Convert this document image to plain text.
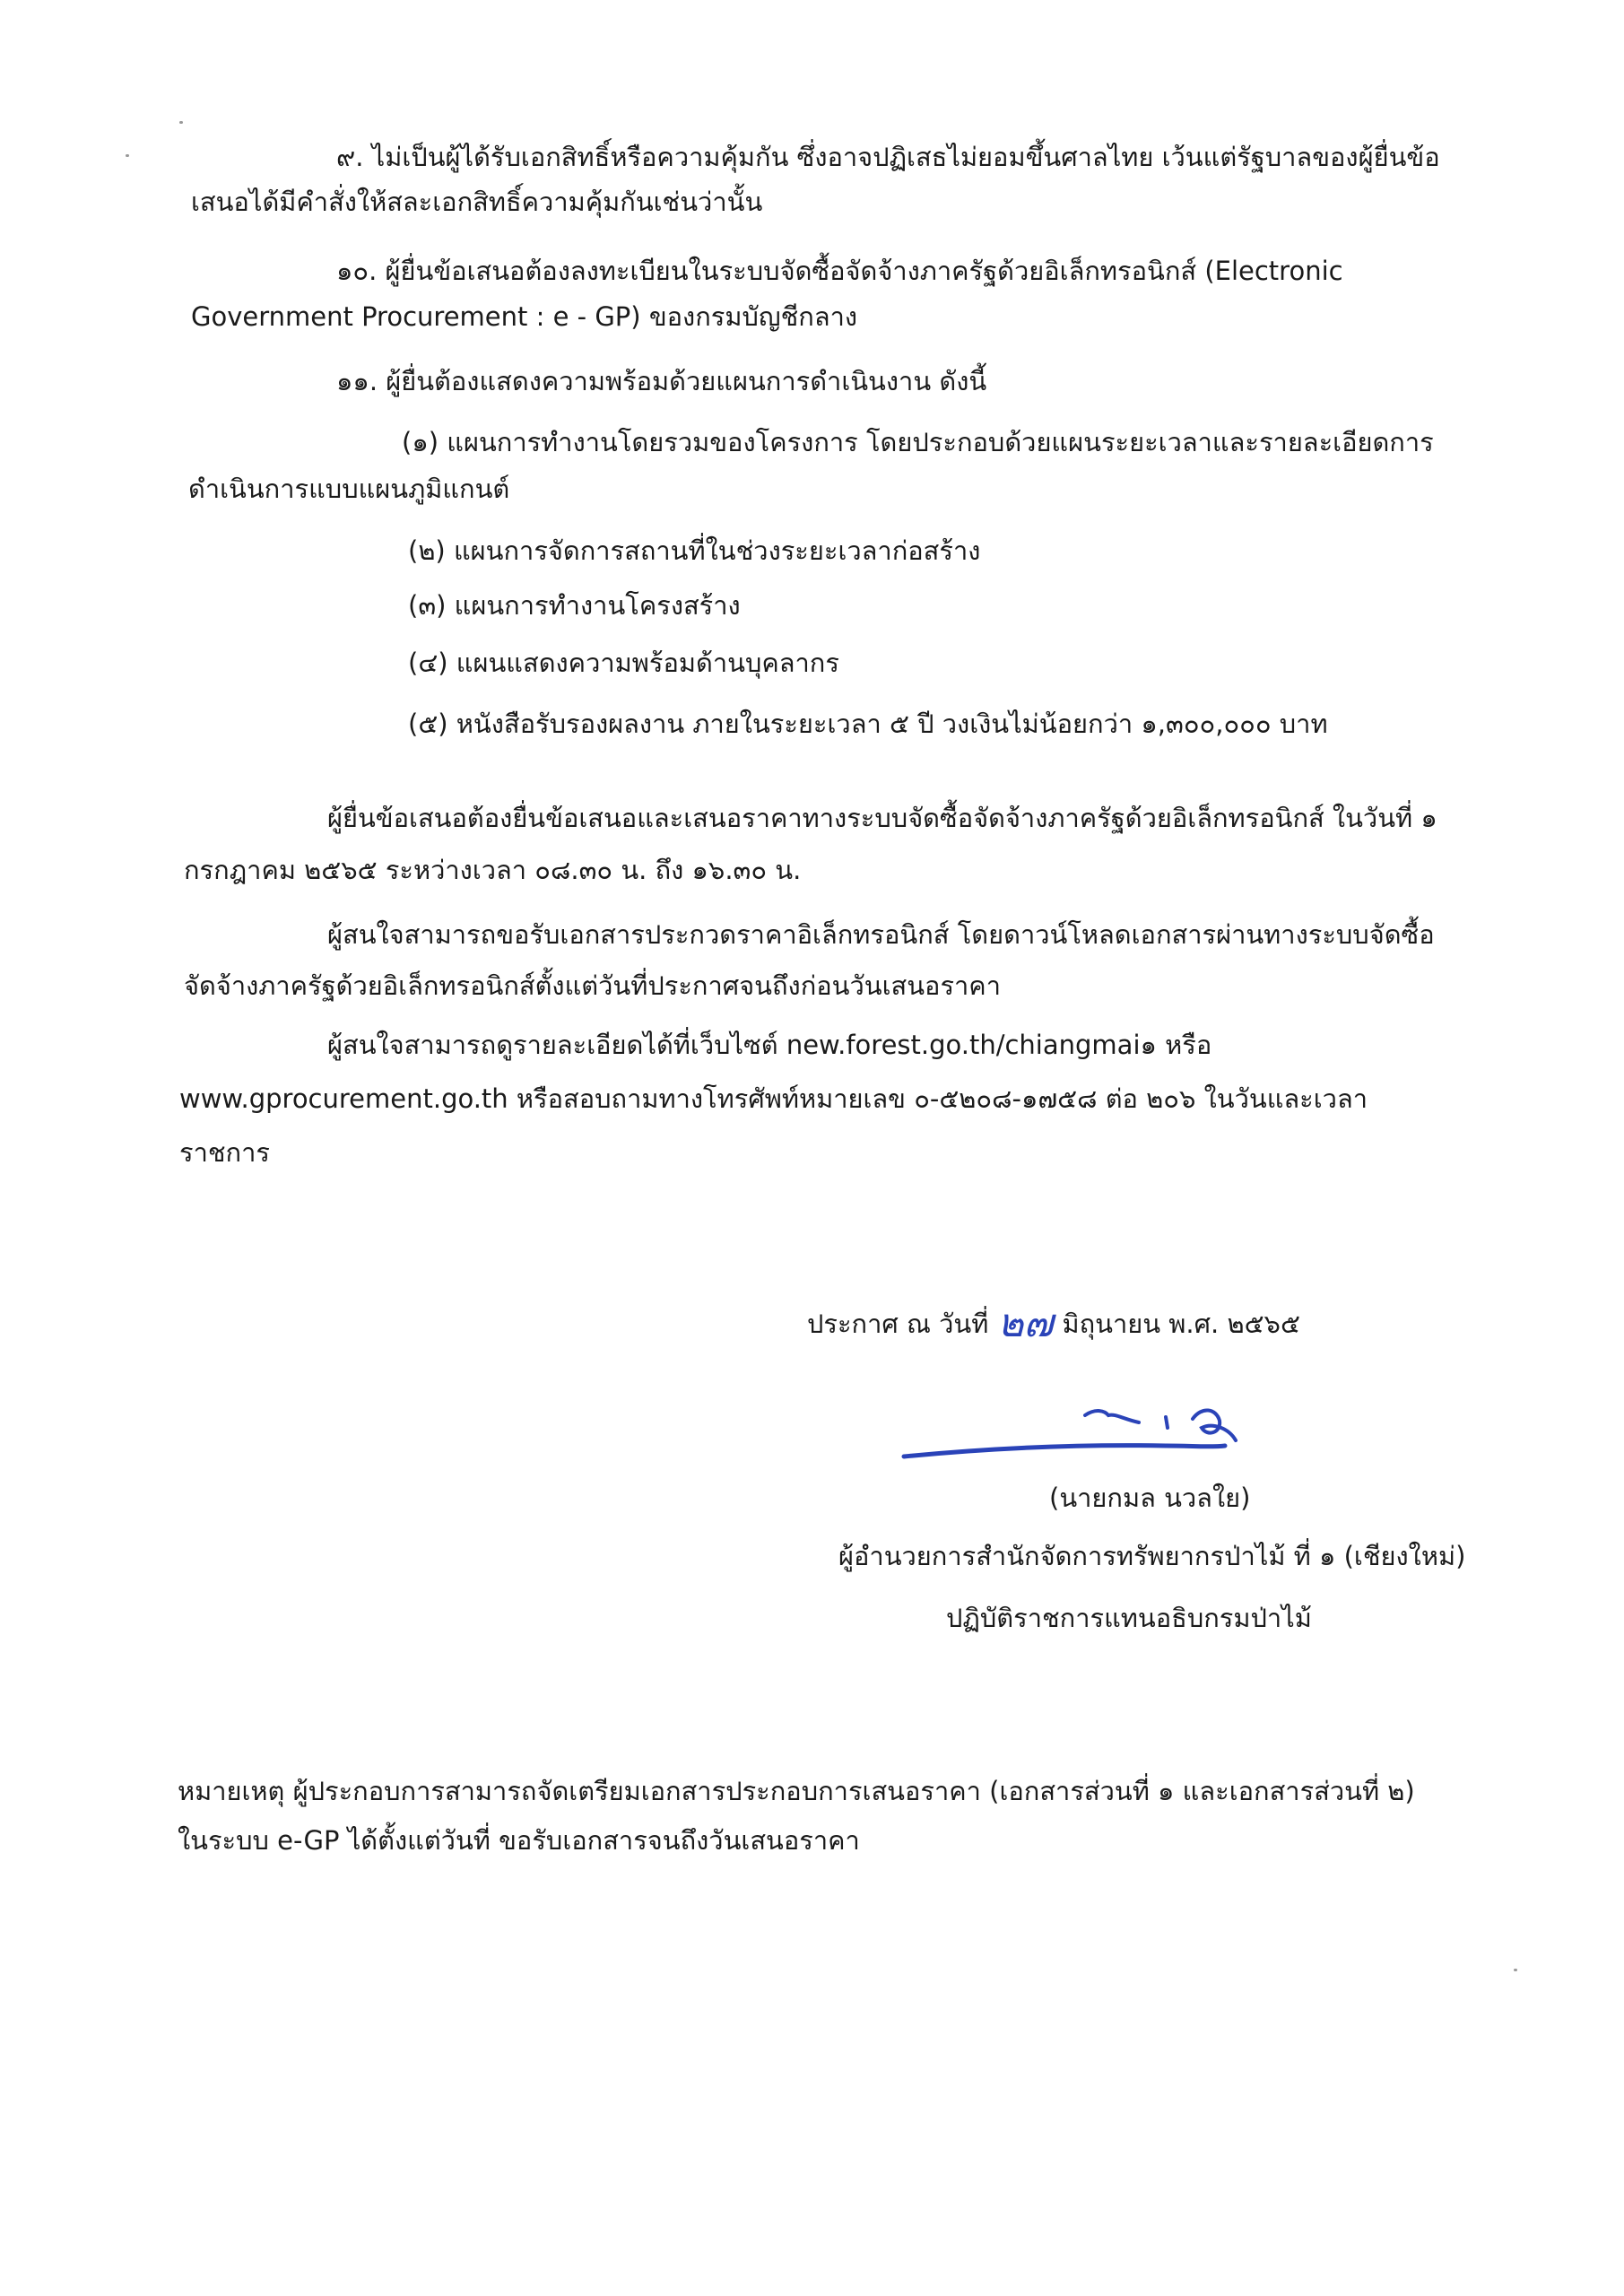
๙. ไม่เป็นผู้ได้รับเอกสิทธิ์หรือความคุ้มกัน ซึ่งอาจปฏิเสธไม่ยอมขึ้นศาลไทย เว้นแต่รัฐบาลของผู้ยื่นข้อ
เสนอได้มีคำสั่งให้สละเอกสิทธิ์ความคุ้มกันเช่นว่านั้น
๑๐. ผู้ยื่นข้อเสนอต้องลงทะเบียนในระบบจัดซื้อจัดจ้างภาครัฐด้วยอิเล็กทรอนิกส์ (Electronic
Government Procurement : e - GP) ของกรมบัญชีกลาง
๑๑. ผู้ยื่นต้องแสดงความพร้อมด้วยแผนการดำเนินงาน ดังนี้
(๑) แผนการทำงานโดยรวมของโครงการ โดยประกอบด้วยแผนระยะเวลาและรายละเอียดการ
ดำเนินการแบบแผนภูมิแกนต์
(๒) แผนการจัดการสถานที่ในช่วงระยะเวลาก่อสร้าง
(๓) แผนการทำงานโครงสร้าง
(๔) แผนแสดงความพร้อมด้านบุคลากร
(๕) หนังสือรับรองผลงาน ภายในระยะเวลา ๕ ปี วงเงินไม่น้อยกว่า ๑,๓๐๐,๐๐๐ บาท
ผู้ยื่นข้อเสนอต้องยื่นข้อเสนอและเสนอราคาทางระบบจัดซื้อจัดจ้างภาครัฐด้วยอิเล็กทรอนิกส์ ในวันที่ ๑
กรกฎาคม ๒๕๖๕ ระหว่างเวลา ๐๘.๓๐ น. ถึง ๑๖.๓๐ น.
ผู้สนใจสามารถขอรับเอกสารประกวดราคาอิเล็กทรอนิกส์ โดยดาวน์โหลดเอกสารผ่านทางระบบจัดซื้อ
จัดจ้างภาครัฐด้วยอิเล็กทรอนิกส์ตั้งแต่วันที่ประกาศจนถึงก่อนวันเสนอราคา
ผู้สนใจสามารถดูรายละเอียดได้ที่เว็บไซต์ new.forest.go.th/chiangmai๑ หรือ
www.gprocurement.go.th หรือสอบถามทางโทรศัพท์หมายเลข ๐-๕๒๐๘-๑๗๕๘ ต่อ ๒๐๖ ในวันและเวลา
ราชการ
ประกาศ ณ วันที่ ๒๗ มิถุนายน พ.ศ. ๒๕๖๕
(นายกมล นวลใย)
ผู้อำนวยการสำนักจัดการทรัพยากรป่าไม้ ที่ ๑ (เชียงใหม่)
ปฏิบัติราชการแทนอธิบกรมป่าไม้
หมายเหตุ ผู้ประกอบการสามารถจัดเตรียมเอกสารประกอบการเสนอราคา (เอกสารส่วนที่ ๑ และเอกสารส่วนที่ ๒)
ในระบบ e-GP ได้ตั้งแต่วันที่ ขอรับเอกสารจนถึงวันเสนอราคา
